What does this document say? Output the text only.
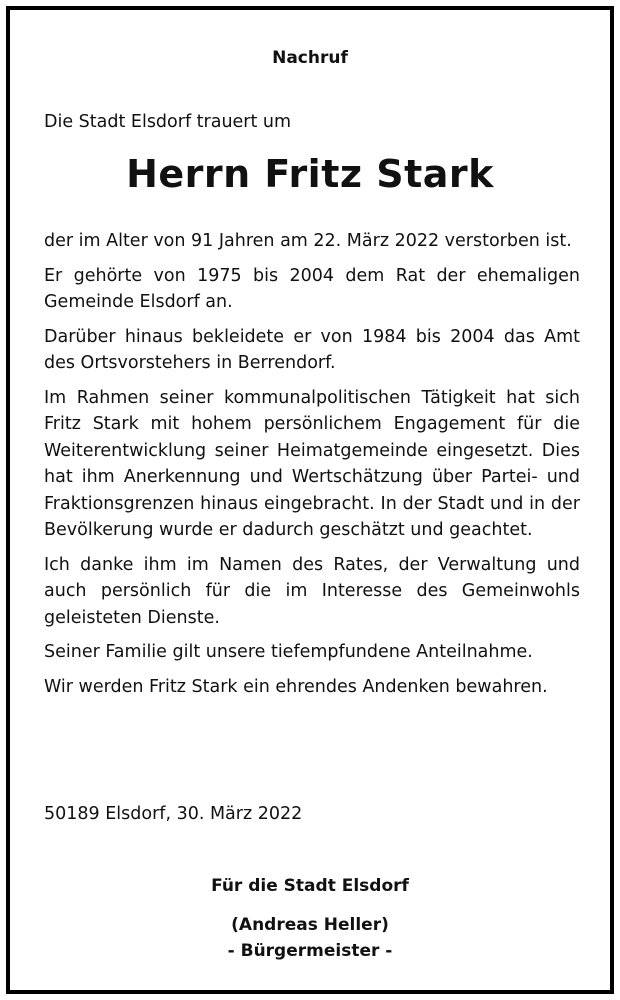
Nachruf
Die Stadt Elsdorf trauert um
Herrn Fritz Stark

der im Alter von 91 Jahren am 22. März 2022 verstorben ist.

Er gehörte von 1975 bis 2004 dem Rat der ehemaligen Gemeinde Elsdorf an.

Darüber hinaus bekleidete er von 1984 bis 2004 das Amt des Ortsvorstehers in Berrendorf.

Im Rahmen seiner kommunalpolitischen Tätigkeit hat sich Fritz Stark mit hohem persönlichem Engagement für die Weiterentwicklung seiner Heimatgemeinde eingesetzt. Dies hat ihm Anerkennung und Wertschätzung über Partei- und Fraktionsgrenzen hinaus eingebracht. In der Stadt und in der Bevölkerung wurde er dadurch geschätzt und geachtet.

Ich danke ihm im Namen des Rates, der Verwaltung und auch persönlich für die im Interesse des Gemeinwohls geleisteten Dienste.

Seiner Familie gilt unsere tiefempfundene Anteilnahme.

Wir werden Fritz Stark ein ehrendes Andenken bewahren.

50189 Elsdorf, 30. März 2022
Für die Stadt Elsdorf
(Andreas Heller)
- Bürgermeister -
